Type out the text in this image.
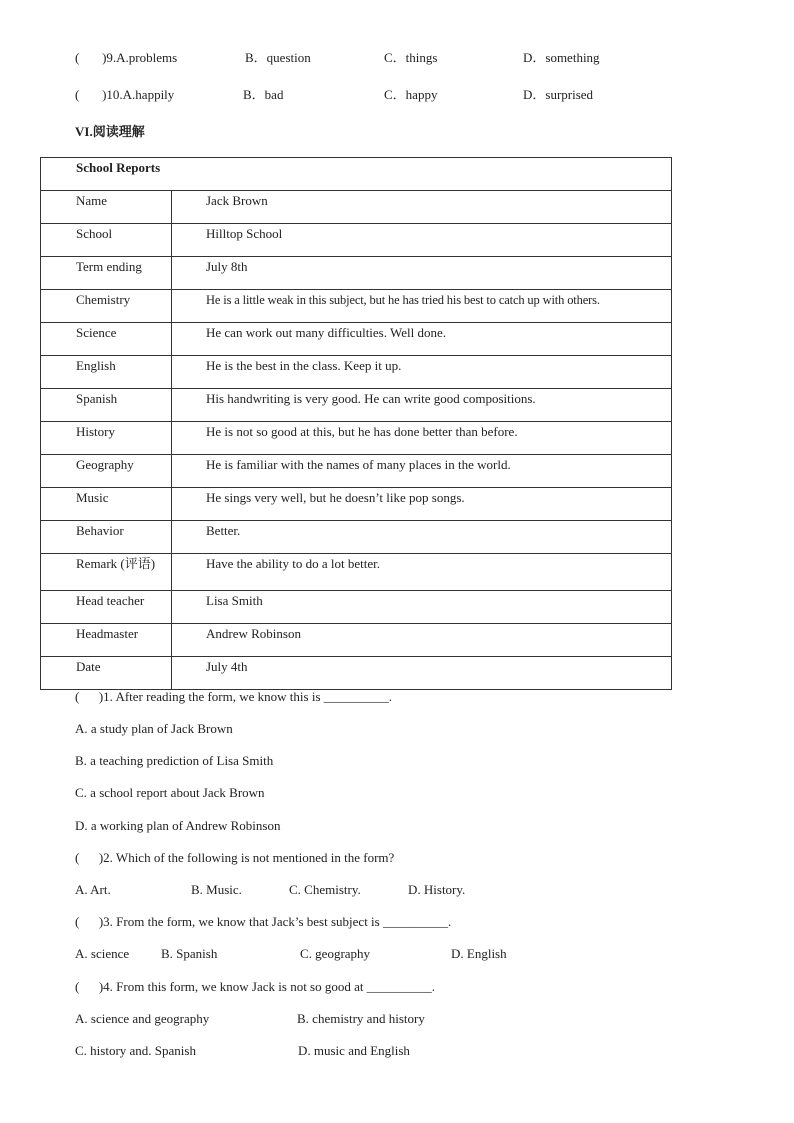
(       )9.A.problems	B．question	C．things	D．something
(       )10.A.happily	B．bad	C．happy	D．surprised
VI.阅读理解
School Reports	

Name	Jack Brown

School	Hilltop School

Term ending	July 8th

Chemistry	He is a little weak in this subject, but he has tried his best to catch up with others.

Science	He can work out many difficulties. Well done.

English	He is the best in the class. Keep it up.

Spanish	His handwriting is very good. He can write good compositions.

History	He is not so good at this, but he has done better than before.

Geography	He is familiar with the names of many places in the world.

Music	He sings very well, but he doesn’t like pop songs.

Behavior	Better.

Remark (评语)	Have the ability to do a lot better.

Head teacher	Lisa Smith

Headmaster	Andrew Robinson

Date	July 4th
(      )1. After reading the form, we know this is __________.
A. a study plan of Jack Brown
B. a teaching prediction of Lisa Smith
C. a school report about Jack Brown
D. a working plan of Andrew Robinson
(      )2. Which of the following is not mentioned in the form?
A. Art.	B. Music.	C. Chemistry.	D. History.
(      )3. From the form, we know that Jack’s best subject is __________.
A. science B. Spanish	C. geography	D. English
(      )4. From this form, we know Jack is not so good at __________.
A. science and geography	B. chemistry and history
C. history and. Spanish	D. music and English
